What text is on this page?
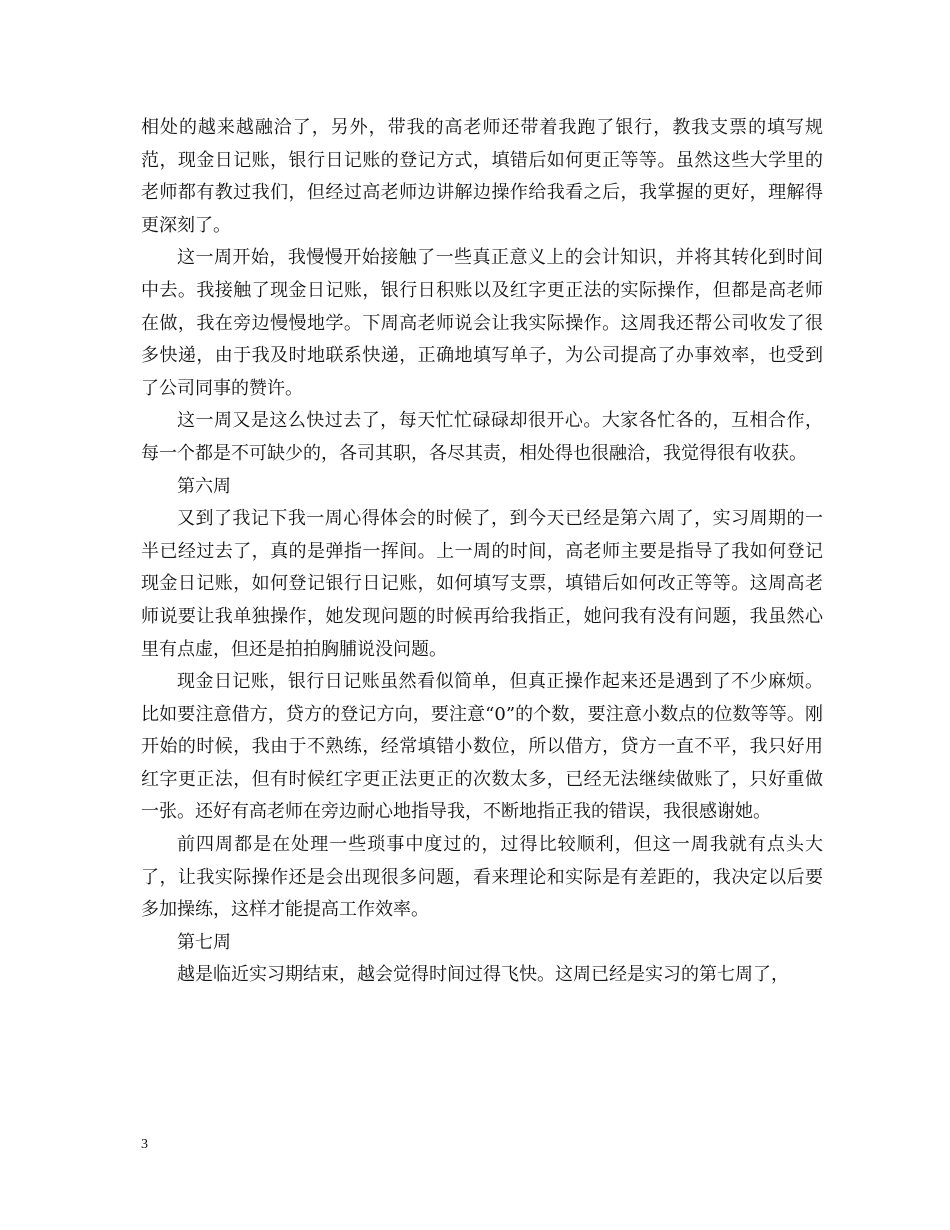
相处的越来越融洽了，另外，带我的高老师还带着我跑了银行，教我支票的填写规范，现金日记账，银行日记账的登记方式，填错后如何更正等等。虽然这些大学里的老师都有教过我们，但经过高老师边讲解边操作给我看之后，我掌握的更好，理解得更深刻了。

这一周开始，我慢慢开始接触了一些真正意义上的会计知识，并将其转化到时间中去。我接触了现金日记账，银行日积账以及红字更正法的实际操作，但都是高老师在做，我在旁边慢慢地学。下周高老师说会让我实际操作。这周我还帮公司收发了很多快递，由于我及时地联系快递，正确地填写单子，为公司提高了办事效率，也受到了公司同事的赞许。

这一周又是这么快过去了，每天忙忙碌碌却很开心。大家各忙各的，互相合作，每一个都是不可缺少的，各司其职，各尽其责，相处得也很融洽，我觉得很有收获。

第六周

又到了我记下我一周心得体会的时候了，到今天已经是第六周了，实习周期的一半已经过去了，真的是弹指一挥间。上一周的时间，高老师主要是指导了我如何登记现金日记账，如何登记银行日记账，如何填写支票，填错后如何改正等等。这周高老师说要让我单独操作，她发现问题的时候再给我指正，她问我有没有问题，我虽然心里有点虚，但还是拍拍胸脯说没问题。

现金日记账，银行日记账虽然看似简单，但真正操作起来还是遇到了不少麻烦。比如要注意借方，贷方的登记方向，要注意“0”的个数，要注意小数点的位数等等。刚开始的时候，我由于不熟练，经常填错小数位，所以借方，贷方一直不平，我只好用红字更正法，但有时候红字更正法更正的次数太多，已经无法继续做账了，只好重做一张。还好有高老师在旁边耐心地指导我，不断地指正我的错误，我很感谢她。

前四周都是在处理一些琐事中度过的，过得比较顺利，但这一周我就有点头大了，让我实际操作还是会出现很多问题，看来理论和实际是有差距的，我决定以后要多加操练，这样才能提高工作效率。

第七周

越是临近实习期结束，越会觉得时间过得飞快。这周已经是实习的第七周了，

3
